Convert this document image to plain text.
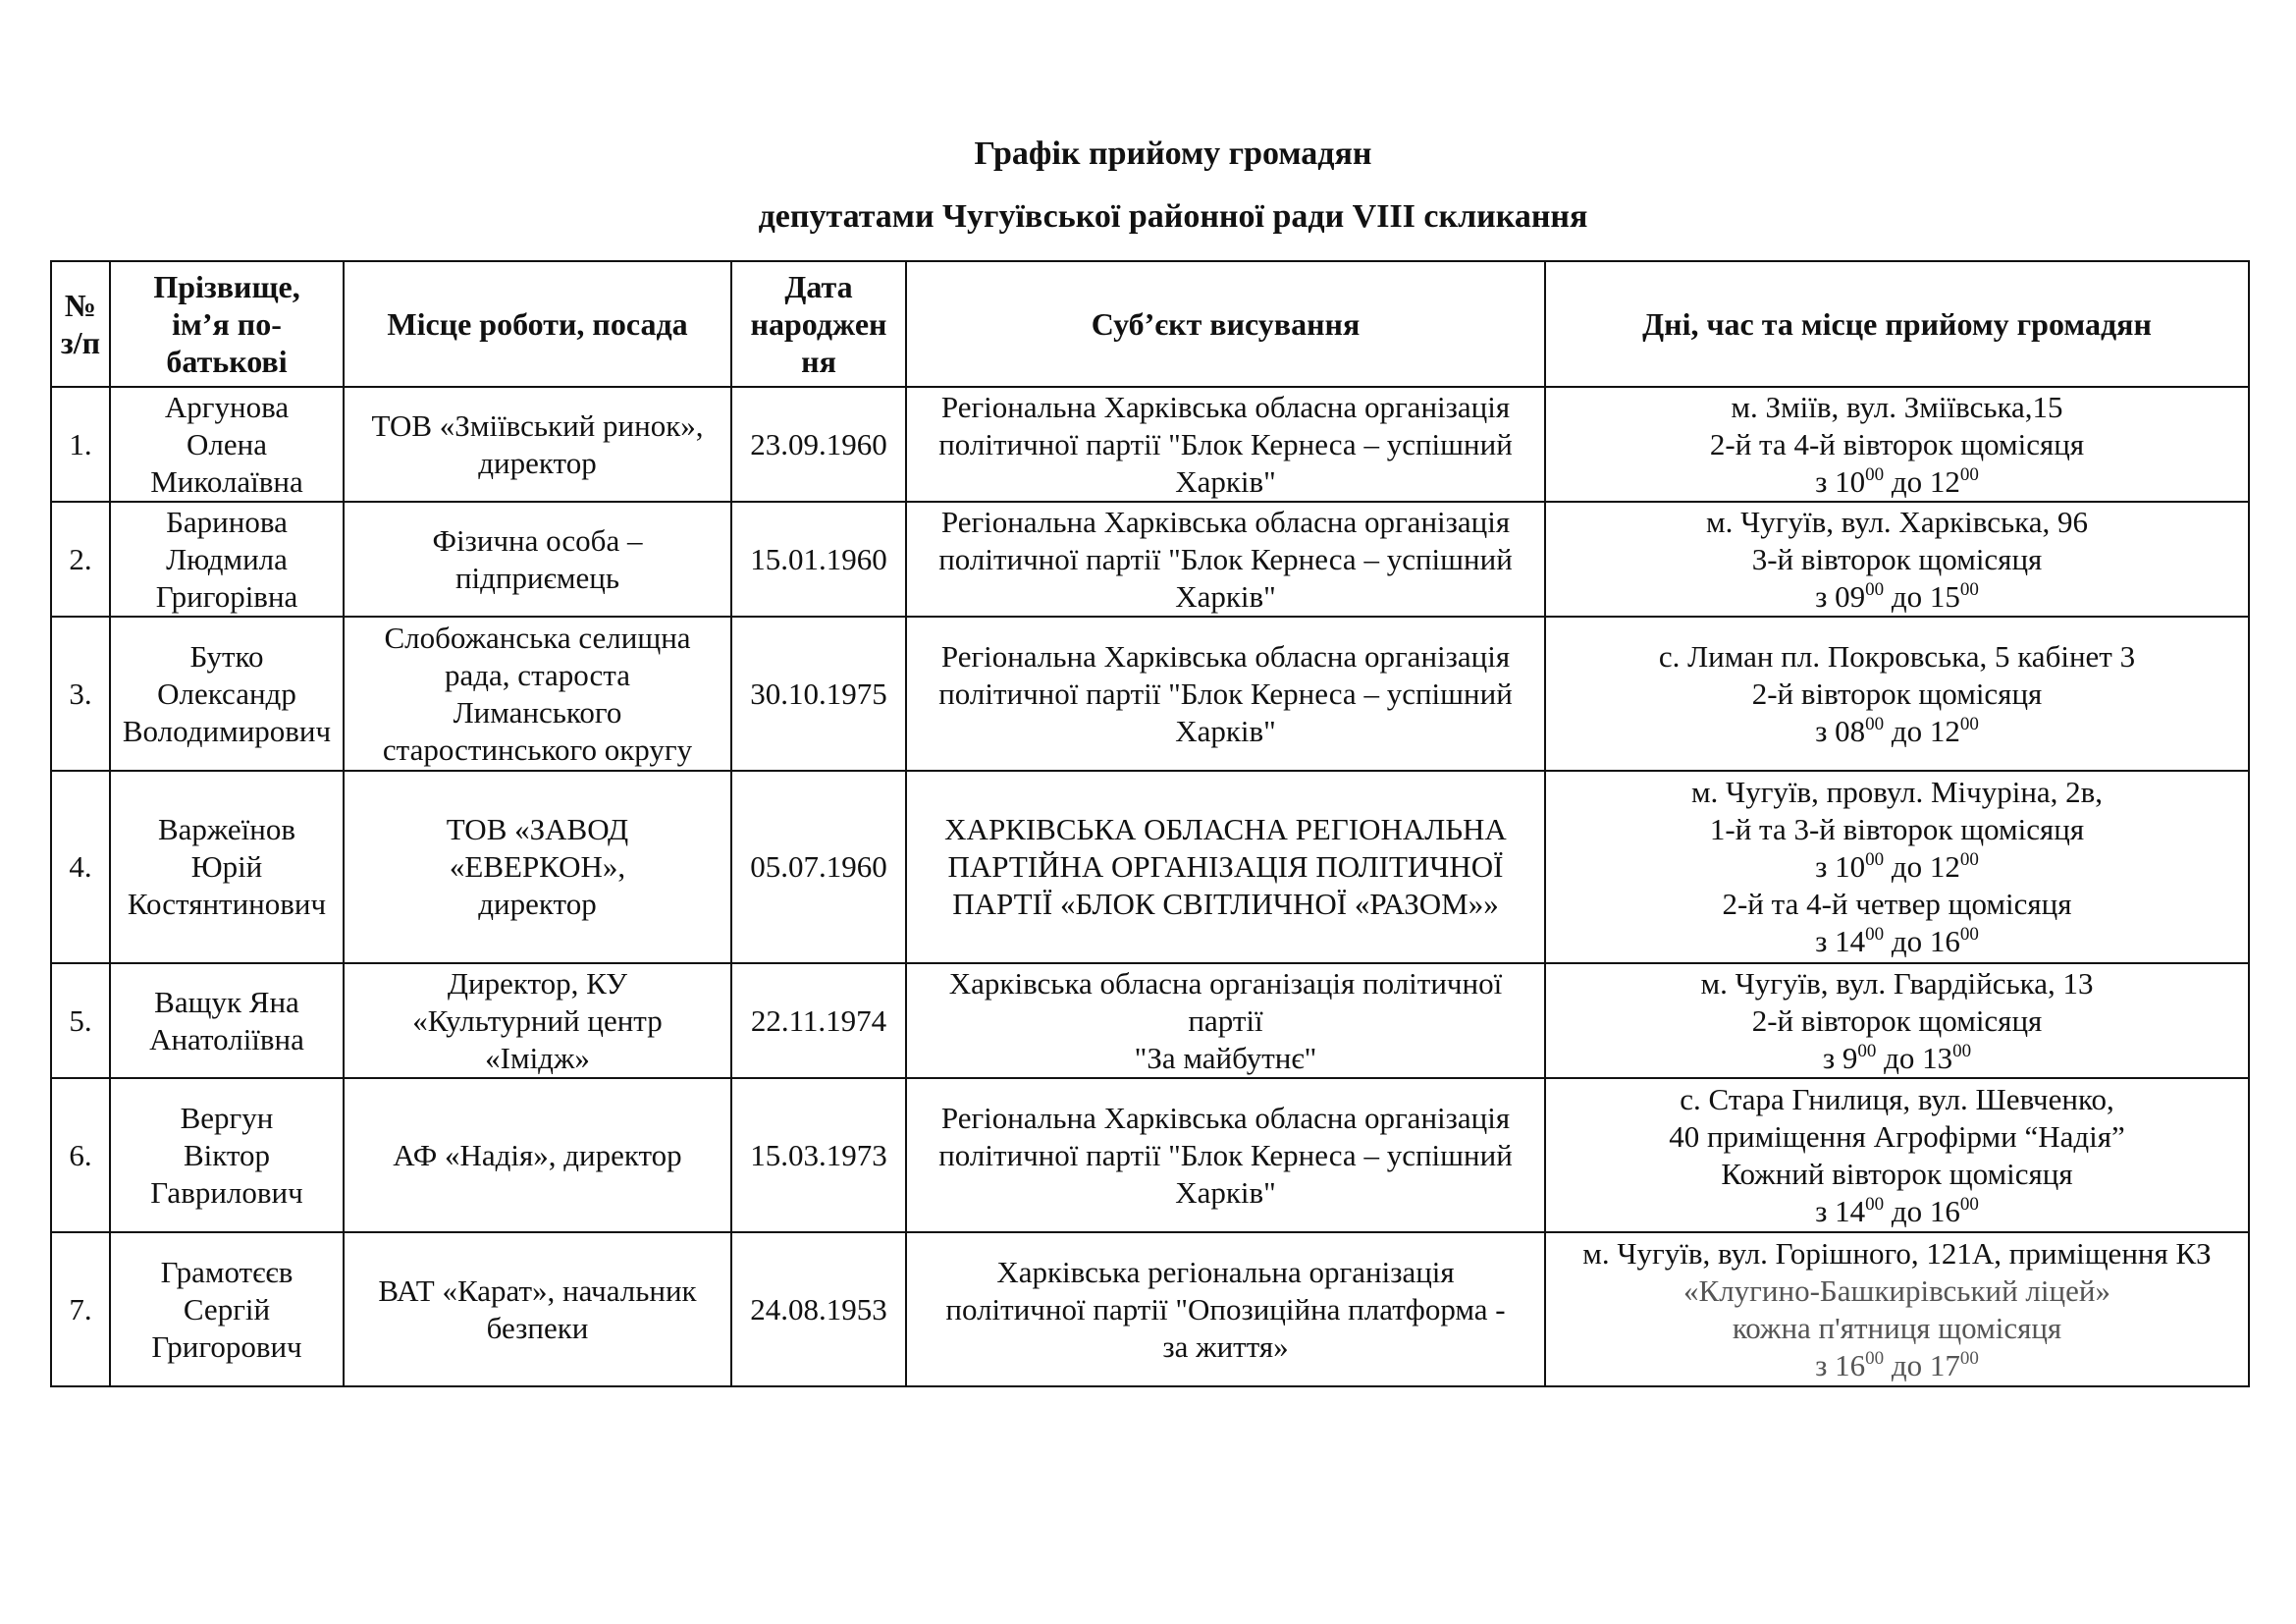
Графік прийому громадян
депутатами Чугуївської районної ради VIII скликання
№
з/п	Прізвище,
ім’я по-
батькові	Місце роботи, посада	Дата
народжен
ня	Суб’єкт висування	Дні, час та місце прийому громадян
1.	Аргунова
Олена
Миколаївна	ТОВ «Зміївський ринок»,
директор	23.09.1960	Регіональна Харківська обласна організація
політичної партії "Блок Кернеса – успішний
Харків"	м. Зміїв, вул. Зміївська,15
2-й та 4-й вівторок щомісяця
з $10^{00}$ до $12^{00}$

2.	Баринова
Людмила
Григорівна	Фізична особа –
підприємець	15.01.1960	Регіональна Харківська обласна організація
політичної партії "Блок Кернеса – успішний
Харків"	м. Чугуїв, вул. Харківська, 96
3-й вівторок щомісяця
з $09^{00}$ до $15^{00}$

3.	Бутко
Олександр
Володимирович	Слобожанська селищна
рада, староста
Лиманського
старостинського округу	30.10.1975	Регіональна Харківська обласна організація
політичної партії "Блок Кернеса – успішний
Харків"	с. Лиман пл. Покровська, 5 кабінет 3
2-й вівторок щомісяця
з $08^{00}$ до $12^{00}$

4.	Варжеїнов
Юрій
Костянтинович	ТОВ «ЗАВОД
«ЕВЕРКОН»,
директор	05.07.1960	ХАРКІВСЬКА ОБЛАСНА РЕГІОНАЛЬНА
ПАРТІЙНА ОРГАНІЗАЦІЯ ПОЛІТИЧНОЇ
ПАРТІЇ «БЛОК СВІТЛИЧНОЇ «РАЗОМ»»	м. Чугуїв, провул. Мічуріна, 2в,
1-й та 3-й вівторок щомісяця
з $10^{00}$ до $12^{00}$
2-й та 4-й четвер щомісяця
з $14^{00}$ до $16^{00}$

5.	Ващук Яна
Анатоліївна	Директор, КУ
«Культурний центр
«Імідж»	22.11.1974	Харківська обласна організація політичної
партії
"За майбутнє"	м. Чугуїв, вул. Гвардійська, 13
2-й вівторок щомісяця
з $9^{00}$ до $13^{00}$

6.	Вергун
Віктор
Гаврилович	АФ «Надія», директор	15.03.1973	Регіональна Харківська обласна організація
політичної партії "Блок Кернеса – успішний
Харків"	с. Стара Гнилиця, вул. Шевченко,
40 приміщення Агрофірми “Надія”
Кожний вівторок щомісяця
з $14^{00}$ до $16^{00}$

7.	Грамотєєв
Сергій
Григорович	ВАТ «Карат», начальник
безпеки	24.08.1953	Харківська регіональна організація
політичної партії "Опозиційна платформа -
за життя»	м. Чугуїв, вул. Горішного, 121А, приміщення КЗ
«Клугино-Башкирівський ліцей»
кожна п'ятниця щомісяця
з $16^{00}$ до $17^{00}$
